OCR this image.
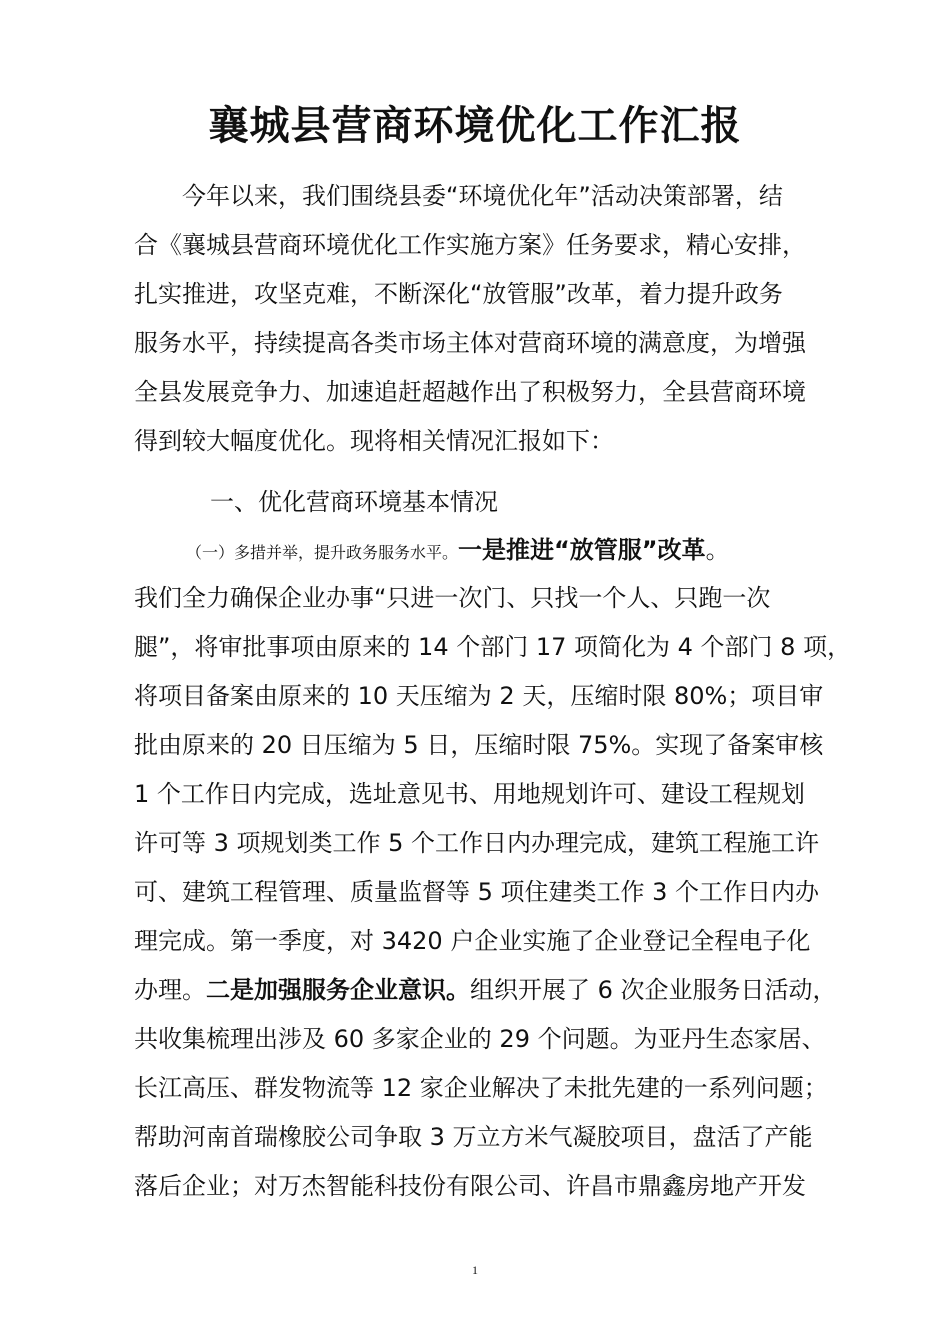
襄城县营商环境优化工作汇报
今年以来，我们围绕县委“环境优化年”活动决策部署，结
合《襄城县营商环境优化工作实施方案》任务要求，精心安排，
扎实推进，攻坚克难，不断深化“放管服”改革，着力提升政务
服务水平，持续提高各类市场主体对营商环境的满意度，为增强
全县发展竞争力、加速追赶超越作出了积极努力，全县营商环境
得到较大幅度优化。现将相关情况汇报如下：
一、优化营商环境基本情况
（一）多措并举，提升政务服务水平。一是推进“放管服”改革。
我们全力确保企业办事“只进一次门、只找一个人、只跑一次
腿”，将审批事项由原来的 14 个部门 17 项简化为 4 个部门 8 项，
将项目备案由原来的 10 天压缩为 2 天，压缩时限 80%；项目审
批由原来的 20 日压缩为 5 日，压缩时限 75%。实现了备案审核
1 个工作日内完成，选址意见书、用地规划许可、建设工程规划
许可等 3 项规划类工作 5 个工作日内办理完成，建筑工程施工许
可、建筑工程管理、质量监督等 5 项住建类工作 3 个工作日内办
理完成。第一季度，对 3420 户企业实施了企业登记全程电子化
办理。二是加强服务企业意识。组织开展了 6 次企业服务日活动，
共收集梳理出涉及 60 多家企业的 29 个问题。为亚丹生态家居、
长江高压、群发物流等 12 家企业解决了未批先建的一系列问题；
帮助河南首瑞橡胶公司争取 3 万立方米气凝胶项目，盘活了产能
落后企业；对万杰智能科技份有限公司、许昌市鼎鑫房地产开发
1
